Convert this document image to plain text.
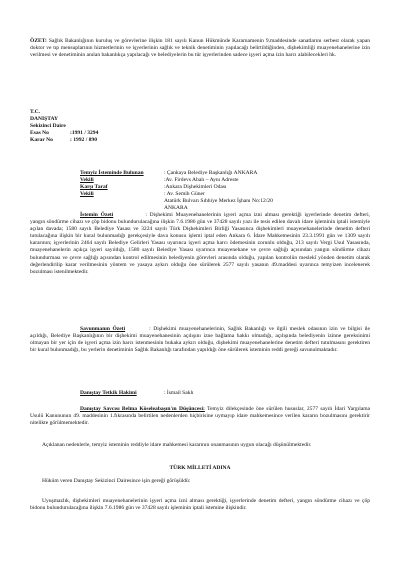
ÖZET: Sağlık Bakanlığının kuruluş ve görevlerine ilişkin 181 sayılı Kanun Hükmünde Kararnamenin 9.maddesinde sanatlarını serbest olarak yapan doktor ve tıp mensuplarının hizmetlerinin ve işyerlerinin sağlık ve teknik denetiminin yapılacağı belirtildiğinden, dişhekimliği muayenehanelerine izin verilmesi ve denetiminin anılan bakanlıkça yapılacağı ve belediyelerin bu tür işyerlerinden sadece işyeri açma izin harcı alabilecekleri hk.
T.C.
DANIŞTAY
Sekizinci Daire
Esas No	:1991 / 3294
Karar No	: 1992 / 890
Temyiz İsteminde Bulunan	: Çankaya Belediye Başkanlığı ANKARA
Vekili	:Av. Firdevs Abalı – Aynı Adreste
Karşı Taraf	:Ankara Dişhekimleri Odası
Vekili	: Av. Semih Güner
Atatürk Bulvarı Sıhhiye Merkez İşhanı No:12/20
ANKARA
İstemin Özeti	: Dişhekimi Muayenehanelerinin işyeri açma izni alması gerektiği işyerlerinde denetim defteri, yangın söndürme cihazı ve çöp bidonu bulundurulacağına ilişkin 7.6.1986 gün ve 37428 sayılı yazı ile tesis edilen davalı idare işleminin iptali istemiyle açılan davada; 1580 sayılı Belediye Yasası ve 3224 sayılı Türk Dişhekimleri Birliği Yasasınca dişhekimleri muayenehanelerinde denetim defteri tutulacağına ilişkin bir kural bulunmadığı gerekçesiyle dava konusu işlemi iptal eden Ankara 6. İdare Mahkemesinin 23.3.1991 gün ve 1309 sayılı kararının; işyerlerinin 2464 sayılı Belediye Gelirleri Yasası uyarınca işyeri açma harcı ödemesinin zorunlu olduğu, 213 sayılı Vergi Usul Yasasında, muayenehanelerin açıkça işyeri sayıldığı, 1580 sayılı Belediye Yasası uyarınca muayenehane ve çevre sağlığı açısından yangın söndürme cihazı bulundurması ve çevre sağlığı açısından kontrol edilmesinin belediyenin görevleri arasında olduğu, yapılan kontrolün meslekî yönden denetim olarak değerlendirilip karar verilmesinin yöntem ve yasaya aykırı olduğu öne sürülerek 2577 sayılı yasanın 49.maddesi uyarınca temyizen incelenerek bozulması istenilmektedir.
Savunmanın Özeti	: Dişhekimi muayenehanelerinin, Sağlık Bakanlığı ve ilgili meslek odasının izin ve bilgisi ile açıldığı, Belediye Başkanlığının bir dişhekimi muayenehanesinin açılışını izne bağlama hakkı olmadığı, açılışında belediyenin izinne gereksinimi olmayan bir yer için de işyeri açma izin harcı istenmesinin bukaka aykırı olduğu, dişhekimi muayenehanelerine denetim defteri tutulmasını gerektiren bir kural bulunmadığı, bu yerlerin denetiminin Sağlık Bakanlığı tarafından yapıldığı öne sürülerek isteminin reddi gereği savunulmaktadır.
Danıştay Tetkik Hakimi	: İsmail Saklı
Danıştay Savcısı Belma Köseleabaşın'ın Düşüncesi: Temyiz dilekçesinde öne sürülen hususlar, 2577 sayılı İdari Yargılama Usulü Kanununun 49. maddesinin 1.fıkrasında belirtilen nedenlerden hiçbirisine uymayıp idare mahkemesince verilen kararın bozulmasını gerektirir nitelikte görülmemektedir.
Açıklanan nedenlerle, temyiz isteminin reddiyle idare mahkemesi kararının onanmasının uygun olacağı düşünülmektedir.
TÜRK MİLLETİ ADINA
Hüküm veren Danıştay Sekizinci Dairesince işin gereği görüşüldü:
Uyuşmazlık, dişhekimleri muayenehanelerinin işyeri açma izni alması gerektiği, işyerlerinde denetim defteri, yangın söndürme cihazı ve çöp bidonu bulundurulacağına ilişkin 7.6.1986 gün ve 37428 sayılı işleminin iptali istemine ilişkindir.
